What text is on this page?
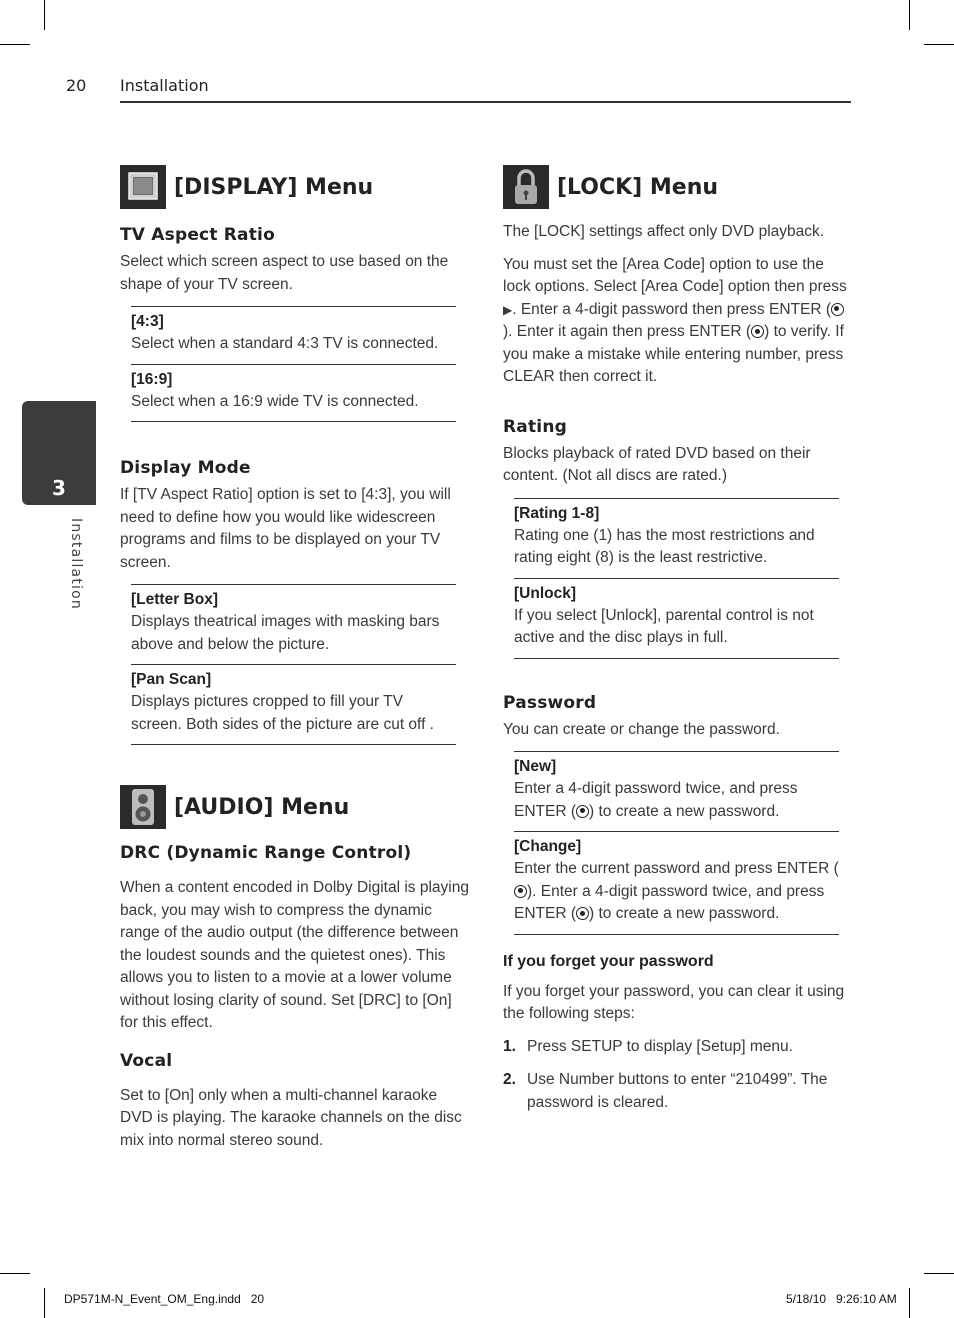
20 Installation
3
Installation
[DISPLAY] Menu
TV Aspect Ratio

Select which screen aspect to use based on the shape of your TV screen.

[4:3]
Select when a standard 4:3 TV is connected.
[16:9]
Select when a 16:9 wide TV is connected.
Display Mode

If [TV Aspect Ratio] option is set to [4:3], you will need to define how you would like widescreen programs and films to be displayed on your TV screen.

[Letter Box]
Displays theatrical images with masking bars above and below the picture.
[Pan Scan]
Displays pictures cropped to fill your TV screen. Both sides of the picture are cut off .
[AUDIO] Menu
DRC (Dynamic Range Control)

When a content encoded in Dolby Digital is playing back, you may wish to compress the dynamic range of the audio output (the difference between the loudest sounds and the quietest ones). This allows you to listen to a movie at a lower volume without losing clarity of sound. Set [DRC] to [On] for this effect.

Vocal

Set to [On] only when a multi-channel karaoke DVD is playing. The karaoke channels on the disc mix into normal stereo sound.

[LOCK] Menu

The [LOCK] settings affect only DVD playback.

You must set the [Area Code] option to use the lock options. Select [Area Code] option then press ▶. Enter a 4-digit password then press ENTER (). Enter it again then press ENTER ( ) to verify. If you make a mistake while entering number, press CLEAR then correct it.

Rating

Blocks playback of rated DVD based on their content. (Not all discs are rated.)

[Rating 1-8]
Rating one (1) has the most restrictions and rating eight (8) is the least restrictive.
[Unlock]
If you select [Unlock], parental control is not active and the disc plays in full.
Password

You can create or change the password.

[New]
Enter a 4-digit password twice, and press ENTER ( ) to create a new password.
[Change]
Enter the current password and press ENTER (). Enter a 4-digit password twice, and press ENTER ( ) to create a new password.
If you forget your password

If you forget your password, you can clear it using the following steps:

1. Press SETUP to display [Setup] menu.
2. Use Number buttons to enter “210499”. The password is cleared.
DP571M-N_Event_OM_Eng.indd   20	5/18/10   9:26:10 AM
